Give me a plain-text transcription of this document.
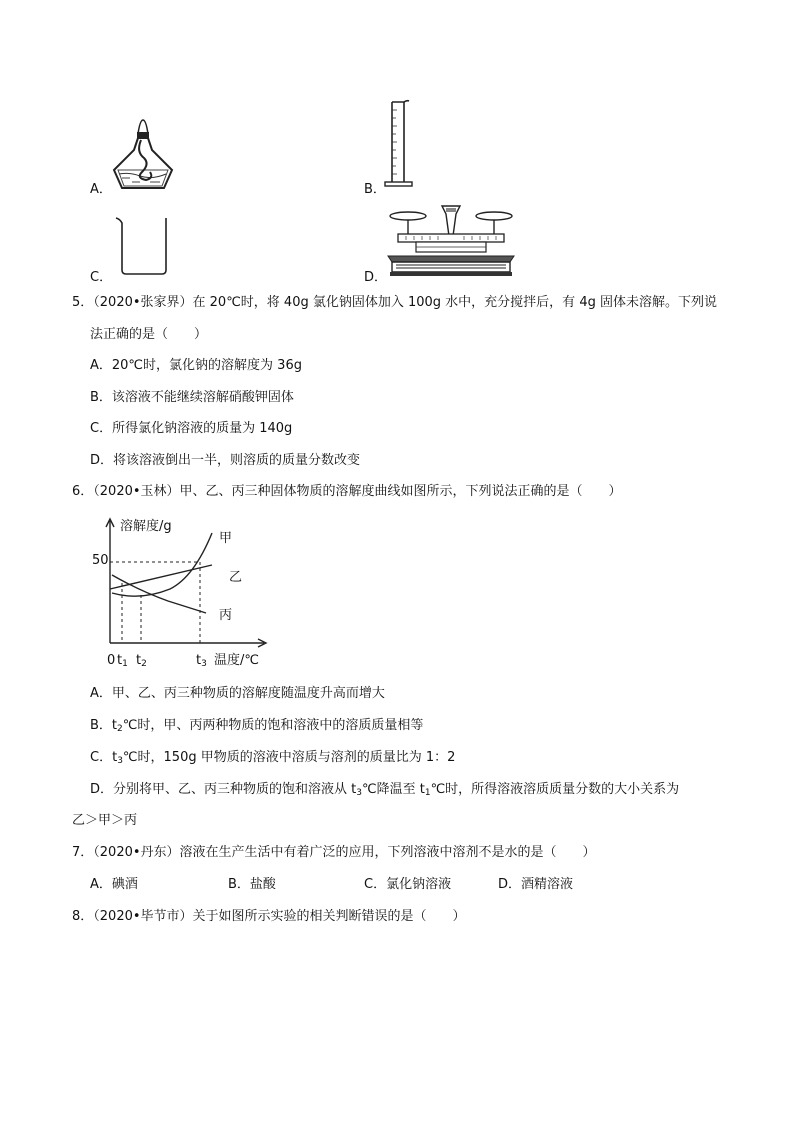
A．	B．
C．	D．
5．（2020•张家界）在 20℃时，将 40g 氯化钠固体加入 100g 水中，充分搅拌后，有 4g 固体未溶解。下列说
法正确的是（　　）
A．20℃时，氯化钠的溶解度为 36g
B．该溶液不能继续溶解硝酸钾固体
C．所得氯化钠溶液的质量为 140g
D．将该溶液倒出一半，则溶质的质量分数改变
6．（2020•玉林）甲、乙、丙三种固体物质的溶解度曲线如图所示，下列说法正确的是（　　）
溶解度/g
50
甲
乙
丙
0 $t_1$ $t_2$	$t_3$ 温度/℃
A．甲、乙、丙三种物质的溶解度随温度升高而增大
B．$t_2℃$时，甲、丙两种物质的饱和溶液中的溶质质量相等
C．$t_3℃$时，150g 甲物质的溶液中溶质与溶剂的质量比为 1：2
D．分别将甲、乙、丙三种物质的饱和溶液从 $t_3℃$降温至 $t_1℃$时，所得溶液溶质质量分数的大小关系为
乙＞甲＞丙
7．（2020•丹东）溶液在生产生活中有着广泛的应用，下列溶液中溶剂不是水的是（　　）
A．碘酒	B．盐酸	C．氯化钠溶液	D．酒精溶液
8．（2020•毕节市）关于如图所示实验的相关判断错误的是（　　）
